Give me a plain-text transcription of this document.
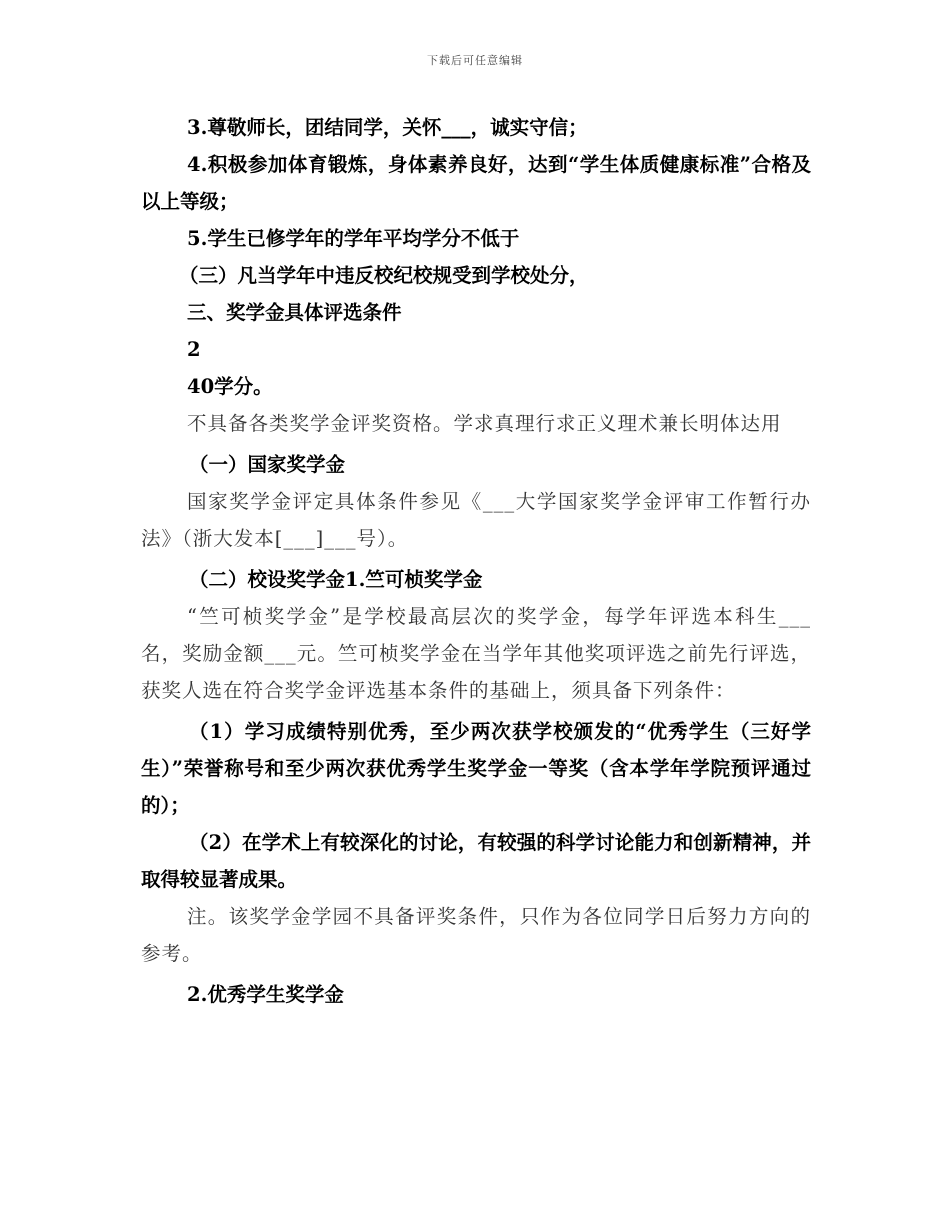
下载后可任意编辑

3.尊敬师长，团结同学，关怀___，诚实守信；

4.积极参加体育锻炼，身体素养良好，达到“学生体质健康标准”合格及以上等级；

5.学生已修学年的学年平均学分不低于

（三）凡当学年中违反校纪校规受到学校处分，

三、奖学金具体评选条件

2

40学分。

不具备各类奖学金评奖资格。学求真理行求正义理术兼长明体达用

（一）国家奖学金

国家奖学金评定具体条件参见《___大学国家奖学金评审工作暂行办法》（浙大发本[___]___号）。

（二）校设奖学金1.竺可桢奖学金

“竺可桢奖学金”是学校最高层次的奖学金，每学年评选本科生___名，奖励金额___元。竺可桢奖学金在当学年其他奖项评选之前先行评选，获奖人选在符合奖学金评选基本条件的基础上，须具备下列条件：

（1）学习成绩特别优秀，至少两次获学校颁发的“优秀学生（三好学生）”荣誉称号和至少两次获优秀学生奖学金一等奖（含本学年学院预评通过的）；

（2）在学术上有较深化的讨论，有较强的科学讨论能力和创新精神，并取得较显著成果。

注。该奖学金学园不具备评奖条件，只作为各位同学日后努力方向的参考。

2.优秀学生奖学金
